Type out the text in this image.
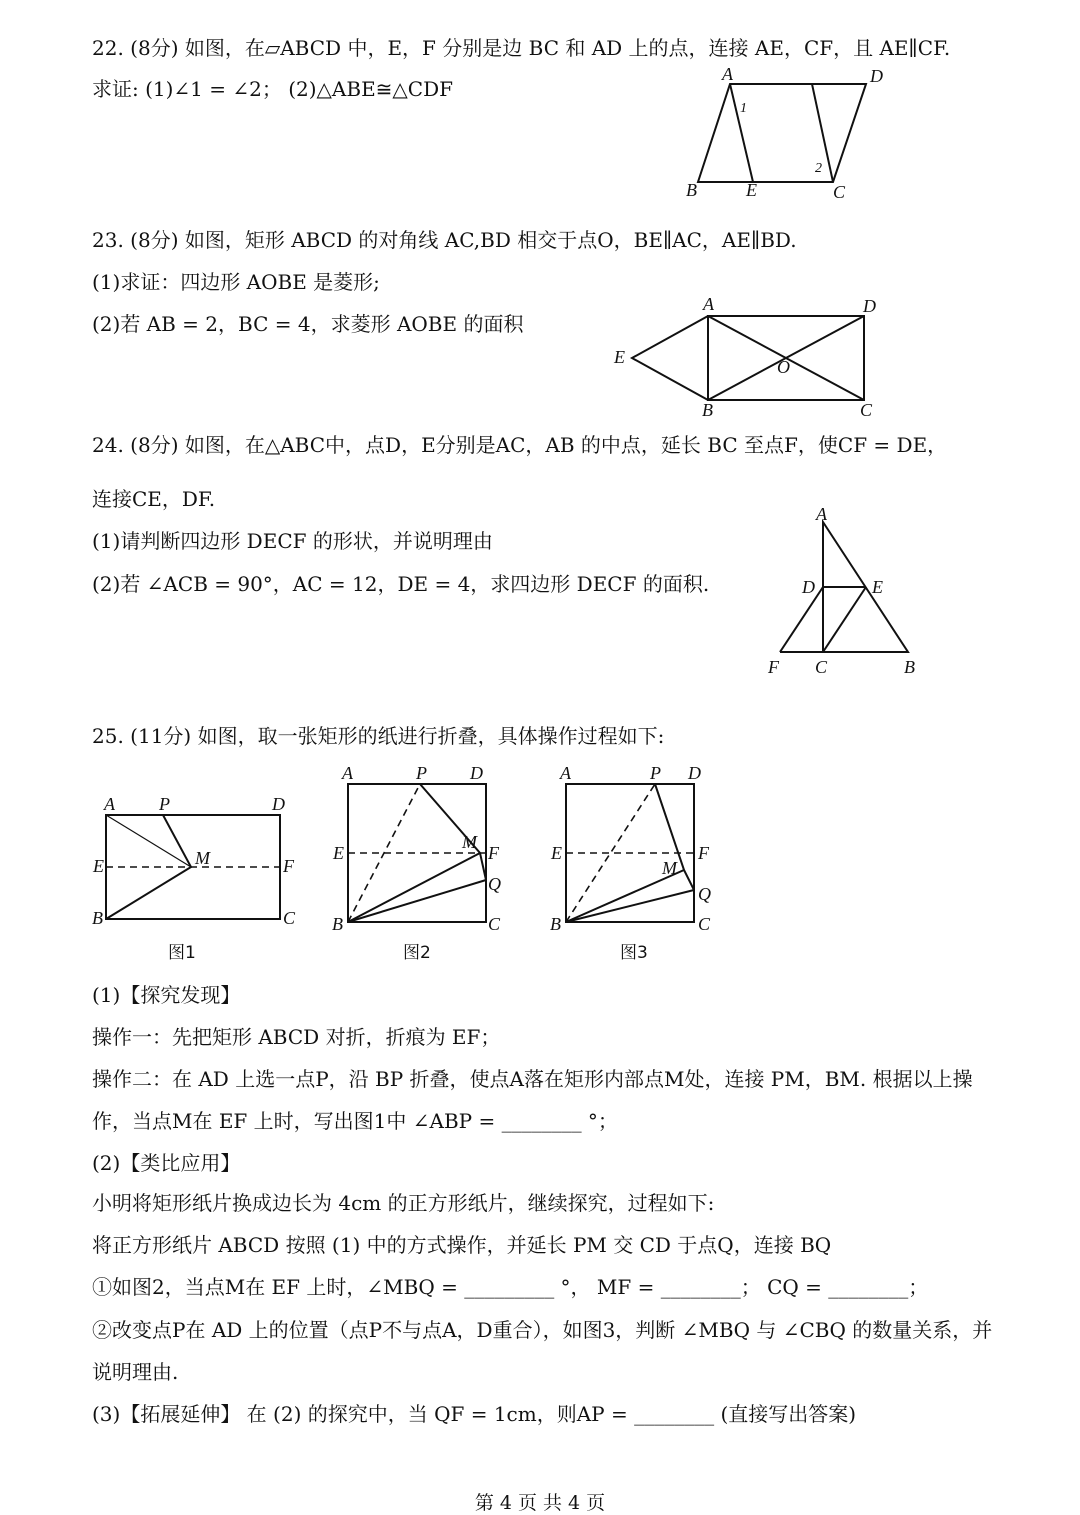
22. (8分) 如图，在▱ABCD 中，E，F 分别是边 BC 和 AD 上的点，连接 AE，CF，且 AE∥CF.
求证: (1)∠1 = ∠2； (2)△ABE≅△CDF
A	D
B	E	C
1
2
23. (8分) 如图，矩形 ABCD 的对角线 AC,BD 相交于点O，BE∥AC，AE∥BD.
(1)求证：四边形 AOBE 是菱形;
(2)若 AB = 2，BC = 4，求菱形 AOBE 的面积
A	D
E	O
B	C
24. (8分) 如图，在△ABC中，点D，E分别是AC，AB 的中点，延长 BC 至点F，使CF = DE，
连接CE，DF.
(1)请判断四边形 DECF 的形状，并说明理由
(2)若 ∠ACB = 90°，AC = 12，DE = 4，求四边形 DECF 的面积.
A
D	E
F C	B
25. (11分) 如图，取一张矩形的纸进行折叠，具体操作过程如下:
A P	D
E	M	F
B	C
图1
A	P D
E
M
F
B	C
Q
图2
A	P D
E
M
F
B	C
Q
图3
(1)【探究发现】
操作一：先把矩形 ABCD 对折，折痕为 EF；
操作二：在 AD 上选一点P，沿 BP 折叠，使点A落在矩形内部点M处，连接 PM，BM. 根据以上操
作，当点M在 EF 上时，写出图1中 ∠ABP = ________ °；
(2)【类比应用】
小明将矩形纸片换成边长为 4cm 的正方形纸片，继续探究，过程如下:
将正方形纸片 ABCD 按照 (1) 中的方式操作，并延长 PM 交 CD 于点Q，连接 BQ
①如图2，当点M在 EF 上时，∠MBQ = _________ °， MF = ________； CQ = ________；
②改变点P在 AD 上的位置（点P不与点A，D重合），如图3，判断 ∠MBQ 与 ∠CBQ 的数量关系，并
说明理由.
(3)【拓展延伸】 在 (2) 的探究中，当 QF = 1cm，则AP = ________ (直接写出答案)
第 4 页 共 4 页
